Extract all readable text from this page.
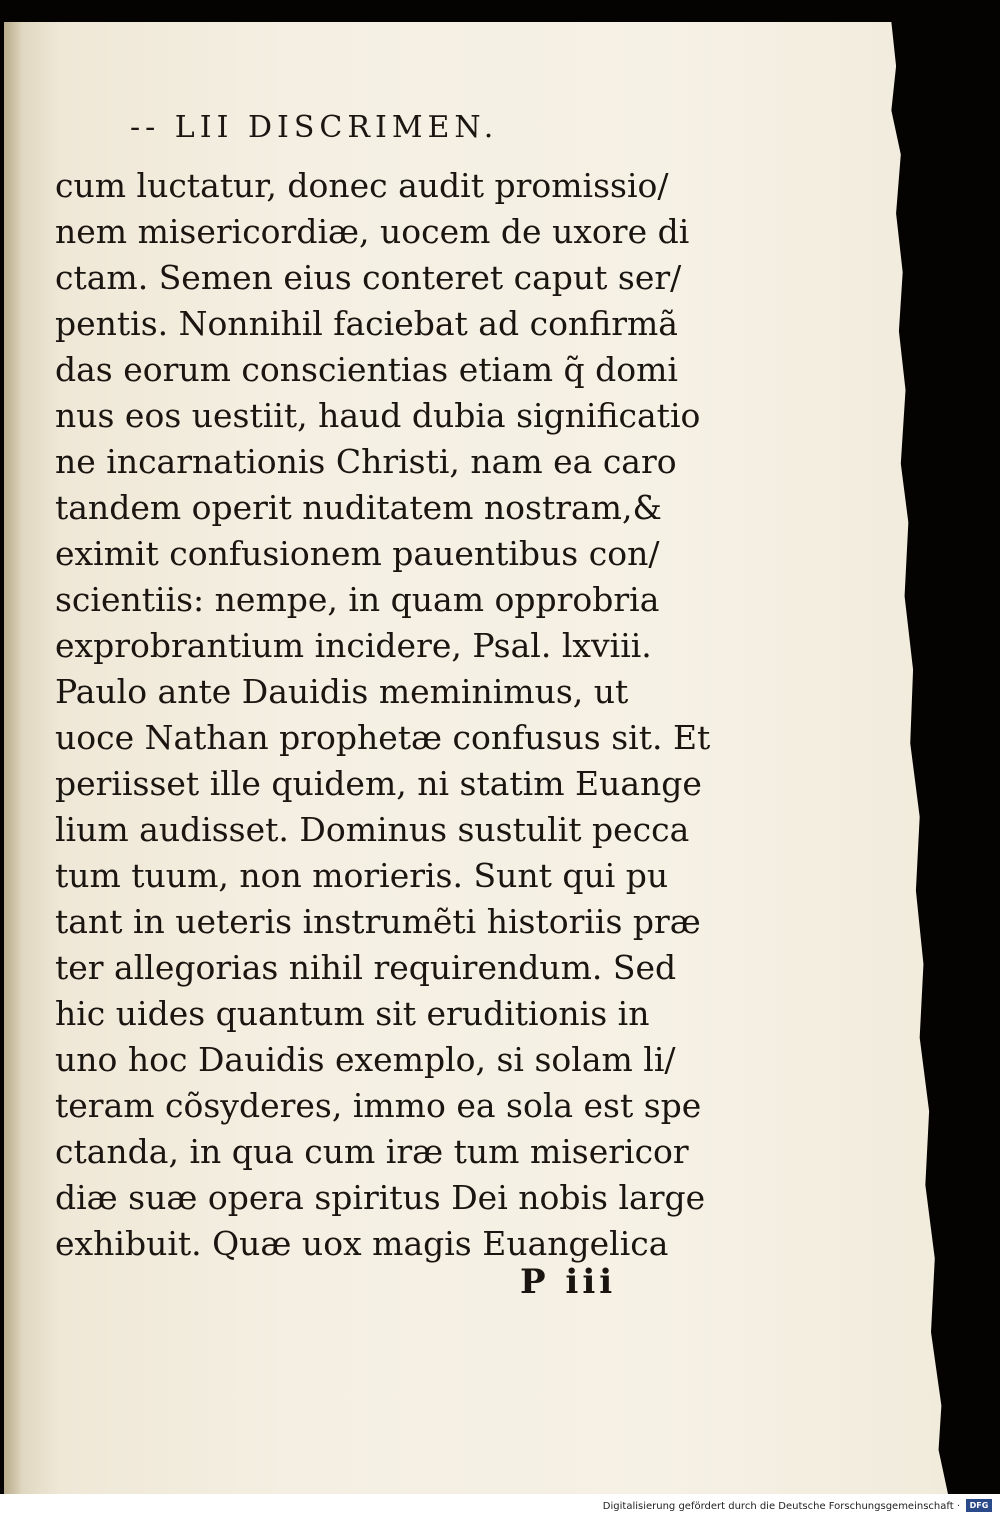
-- LII DISCRIMEN.
cum luctatur, donec audit promissio/
nem misericordiæ, uocem de uxore di
ctam. Semen eius conteret caput ser/
pentis. Nonnihil faciebat ad confirmã
das eorum conscientias etiam q̃ domi
nus eos uestiit, haud dubia significatio
ne incarnationis Christi, nam ea caro
tandem operit nuditatem nostram,&
eximit confusionem pauentibus con/
scientiis: nempe, in quam opprobria
exprobrantium incidere, Psal. lxviii.
Paulo ante Dauidis meminimus, ut
uoce Nathan prophetæ confusus sit. Et
periisset ille quidem, ni statim Euange
lium audisset. Dominus sustulit pecca
tum tuum, non morieris. Sunt qui pu
tant in ueteris instrumẽti historiis præ
ter allegorias nihil requirendum. Sed
hic uides quantum sit eruditionis in
uno hoc Dauidis exemplo, si solam li/
teram cõsyderes, immo ea sola est spe
ctanda, in qua cum iræ tum misericor
diæ suæ opera spiritus Dei nobis large
exhibuit. Quæ uox magis Euangelica
P iii
Digitalisierung gefördert durch die Deutsche Forschungsgemeinschaft ·	DFG
